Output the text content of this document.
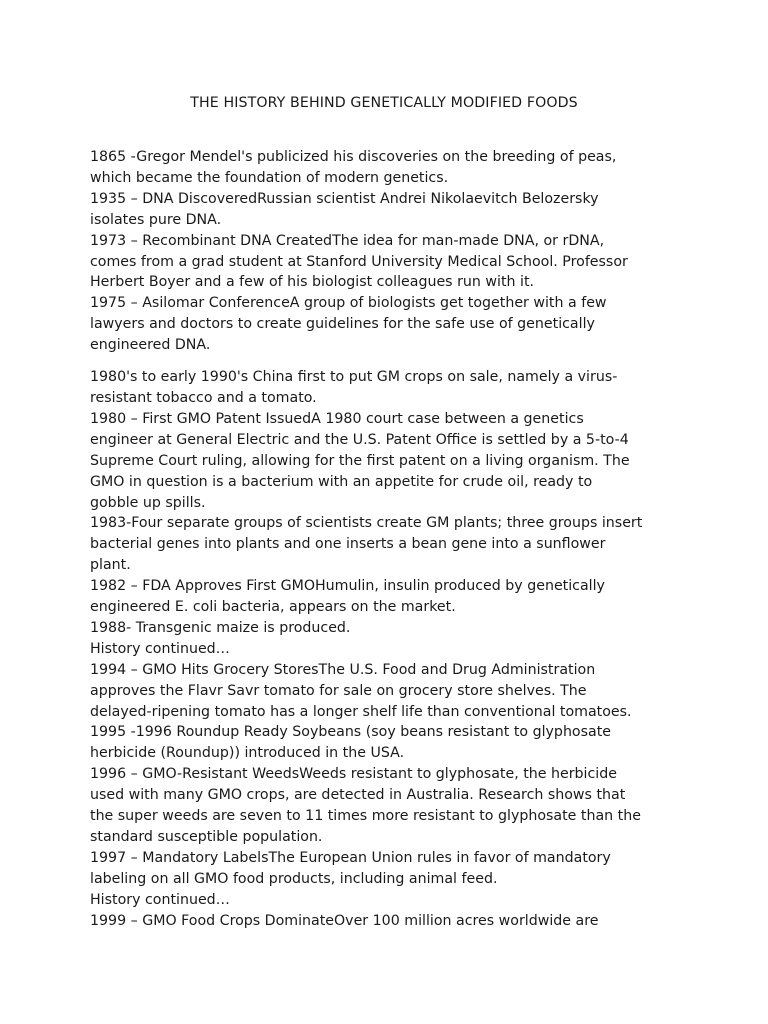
THE HISTORY BEHIND GENETICALLY MODIFIED FOODS
1865 -Gregor Mendel's publicized his discoveries on the breeding of peas,
which became the foundation of modern genetics.
1935 – DNA DiscoveredRussian scientist Andrei Nikolaevitch Belozersky
isolates pure DNA.
1973 – Recombinant DNA CreatedThe idea for man-made DNA, or rDNA,
comes from a grad student at Stanford University Medical School. Professor
Herbert Boyer and a few of his biologist colleagues run with it.
1975 – Asilomar ConferenceA group of biologists get together with a few
lawyers and doctors to create guidelines for the safe use of genetically
engineered DNA.
1980's to early 1990's China first to put GM crops on sale, namely a virus-
resistant tobacco and a tomato.
1980 – First GMO Patent IssuedA 1980 court case between a genetics
engineer at General Electric and the U.S. Patent Office is settled by a 5-to-4
Supreme Court ruling, allowing for the first patent on a living organism. The
GMO in question is a bacterium with an appetite for crude oil, ready to
gobble up spills.
1983-Four separate groups of scientists create GM plants; three groups insert
bacterial genes into plants and one inserts a bean gene into a sunflower
plant.
1982 – FDA Approves First GMOHumulin, insulin produced by genetically
engineered E. coli bacteria, appears on the market.
1988- Transgenic maize is produced.
History continued…
1994 – GMO Hits Grocery StoresThe U.S. Food and Drug Administration
approves the Flavr Savr tomato for sale on grocery store shelves. The
delayed-ripening tomato has a longer shelf life than conventional tomatoes.
1995 -1996 Roundup Ready Soybeans (soy beans resistant to glyphosate
herbicide (Roundup)) introduced in the USA.
1996 – GMO-Resistant WeedsWeeds resistant to glyphosate, the herbicide
used with many GMO crops, are detected in Australia. Research shows that
the super weeds are seven to 11 times more resistant to glyphosate than the
standard susceptible population.
1997 – Mandatory LabelsThe European Union rules in favor of mandatory
labeling on all GMO food products, including animal feed.
History continued…
1999 – GMO Food Crops DominateOver 100 million acres worldwide are
